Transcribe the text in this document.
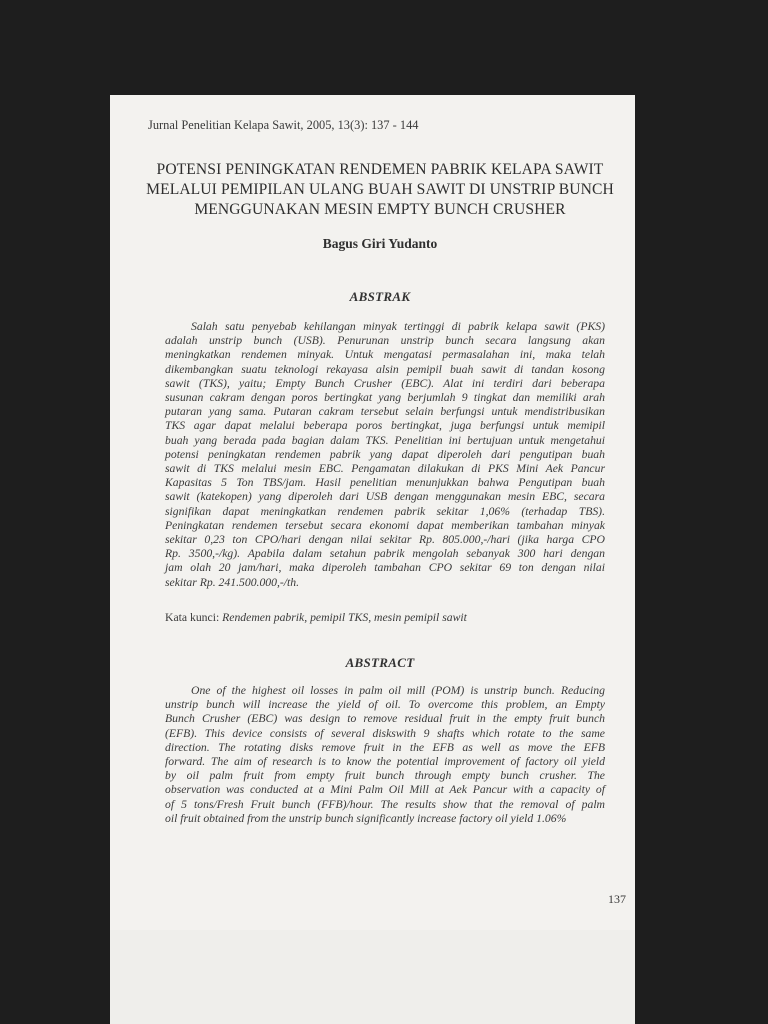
Jurnal Penelitian Kelapa Sawit, 2005, 13(3): 137 - 144
POTENSI PENINGKATAN RENDEMEN PABRIK KELAPA SAWIT
MELALUI PEMIPILAN ULANG BUAH SAWIT DI UNSTRIP BUNCH
MENGGUNAKAN MESIN EMPTY BUNCH CRUSHER
Bagus Giri Yudanto
ABSTRAK
Salah satu penyebab kehilangan minyak tertinggi di pabrik kelapa sawit (PKS)
adalah unstrip bunch (USB). Penurunan unstrip bunch secara langsung akan
meningkatkan rendemen minyak. Untuk mengatasi permasalahan ini, maka telah
dikembangkan suatu teknologi rekayasa alsin pemipil buah sawit di tandan kosong
sawit (TKS), yaitu; Empty Bunch Crusher (EBC). Alat ini terdiri dari beberapa
susunan cakram dengan poros bertingkat yang berjumlah 9 tingkat dan memiliki arah
putaran yang sama. Putaran cakram tersebut selain berfungsi untuk mendistribusikan
TKS agar dapat melalui beberapa poros bertingkat, juga berfungsi untuk memipil
buah yang berada pada bagian dalam TKS. Penelitian ini bertujuan untuk mengetahui
potensi peningkatan rendemen pabrik yang dapat diperoleh dari pengutipan buah
sawit di TKS melalui mesin EBC. Pengamatan dilakukan di PKS Mini Aek Pancur
Kapasitas 5 Ton TBS/jam. Hasil penelitian menunjukkan bahwa Pengutipan buah
sawit (katekopen) yang diperoleh dari USB dengan menggunakan mesin EBC, secara
signifikan dapat meningkatkan rendemen pabrik sekitar 1,06% (terhadap TBS).
Peningkatan rendemen tersebut secara ekonomi dapat memberikan tambahan minyak
sekitar 0,23 ton CPO/hari dengan nilai sekitar Rp. 805.000,-/hari (jika harga CPO
Rp. 3500,-/kg). Apabila dalam setahun pabrik mengolah sebanyak 300 hari dengan
jam olah 20 jam/hari, maka diperoleh tambahan CPO sekitar 69 ton dengan nilai
sekitar Rp. 241.500.000,-/th.
Kata kunci: Rendemen pabrik, pemipil TKS, mesin pemipil sawit
ABSTRACT
One of the highest oil losses in palm oil mill (POM) is unstrip bunch. Reducing
unstrip bunch will increase the yield of oil. To overcome this problem, an Empty
Bunch Crusher (EBC) was design to remove residual fruit in the empty fruit bunch
(EFB). This device consists of several diskswith 9 shafts which rotate to the same
direction. The rotating disks remove fruit in the EFB as well as move the EFB
forward. The aim of research is to know the potential improvement of factory oil yield
by oil palm fruit from empty fruit bunch through empty bunch crusher. The
observation was conducted at a Mini Palm Oil Mill at Aek Pancur with a capacity of
of 5 tons/Fresh Fruit bunch (FFB)/hour. The results show that the removal of palm
oil fruit obtained from the unstrip bunch significantly increase factory oil yield 1.06%
137
